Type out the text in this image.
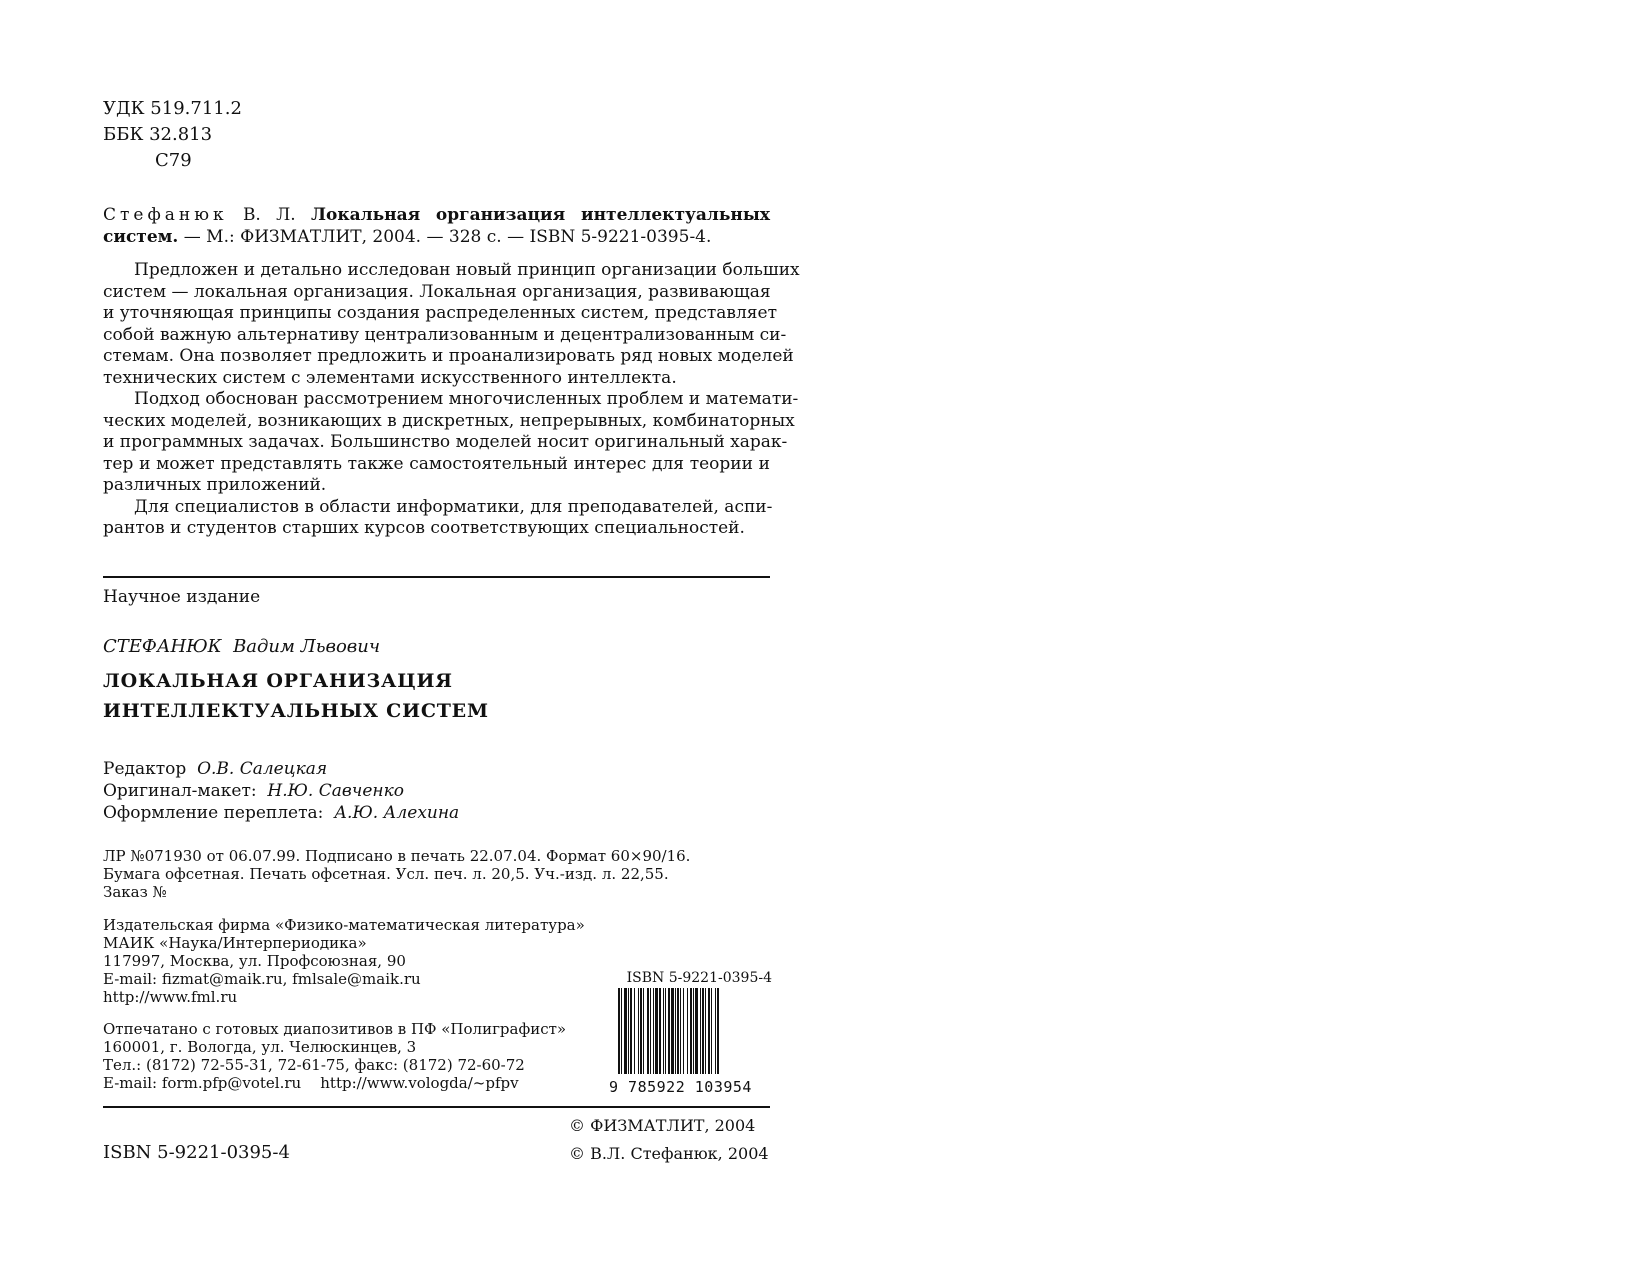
УДК 519.711.2
ББК 32.813
С79
Стефанюк В. Л. Локальная организация интеллектуальных
систем. — М.: ФИЗМАТЛИТ, 2004. — 328 с. — ISBN 5-9221-0395-4.
Предложен и детально исследован новый принцип организации больших
систем — локальная организация. Локальная организация, развивающая
и уточняющая принципы создания распределенных систем, представляет
собой важную альтернативу централизованным и децентрализованным си-
стемам. Она позволяет предложить и проанализировать ряд новых моделей
технических систем с элементами искусственного интеллекта.
Подход обоснован рассмотрением многочисленных проблем и математи-
ческих моделей, возникающих в дискретных, непрерывных, комбинаторных
и программных задачах. Большинство моделей носит оригинальный харак-
тер и может представлять также самостоятельный интерес для теории и
различных приложений.
Для специалистов в области информатики, для преподавателей, аспи-
рантов и студентов старших курсов соответствующих специальностей.
Научное издание
СТЕФАНЮК Вадим Львович
ЛОКАЛЬНАЯ ОРГАНИЗАЦИЯ
ИНТЕЛЛЕКТУАЛЬНЫХ СИСТЕМ
Редактор О.В. Салецкая
Оригинал-макет: Н.Ю. Савченко
Оформление переплета: А.Ю. Алехина
ЛР №071930 от 06.07.99. Подписано в печать 22.07.04. Формат 60×90/16.
Бумага офсетная. Печать офсетная. Усл. печ. л. 20,5. Уч.-изд. л. 22,55.
Заказ №
Издательская фирма «Физико-математическая литература»
МАИК «Наука/Интерпериодика»
117997, Москва, ул. Профсоюзная, 90
E-mail: fizmat@maik.ru, fmlsale@maik.ru
http://www.fml.ru
Отпечатано с готовых диапозитивов в ПФ «Полиграфист»
160001, г. Вологда, ул. Челюскинцев, 3
Тел.: (8172) 72-55-31, 72-61-75, факс: (8172) 72-60-72
E-mail: form.pfp@votel.ru    http://www.vologda/~pfpv
ISBN 5-9221-0395-4
9 785922 103954
© ФИЗМАТЛИТ, 2004
ISBN 5-9221-0395-4	© В.Л. Стефанюк, 2004
